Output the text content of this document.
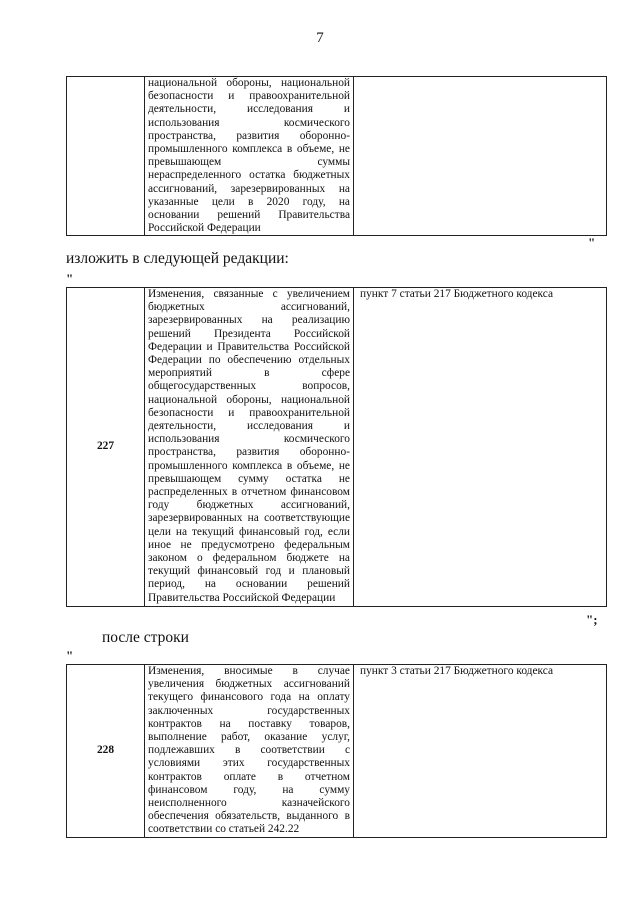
7
	национальной обороны, национальной безопасности и правоохранительной деятельности, исследования и использования космического пространства, развития оборонно-промышленного комплекса в объеме, не превышающем суммы нераспределенного остатка бюджетных ассигнований, зарезервированных на указанные цели в 2020 году, на основании решений Правительства Российской Федерации	
"
изложить в следующей редакции:
"
227	Изменения, связанные с увеличением бюджетных ассигнований, зарезервированных на реализацию решений Президента Российской Федерации и Правительства Российской Федерации по обеспечению отдельных мероприятий в сфере общегосударственных вопросов, национальной обороны, национальной безопасности и правоохранительной деятельности, исследования и использования космического пространства, развития оборонно-промышленного комплекса в объеме, не превышающем сумму остатка не распределенных в отчетном финансовом году бюджетных ассигнований, зарезервированных на соответствующие цели на текущий финансовый год, если иное не предусмотрено федеральным законом о федеральном бюджете на текущий финансовый год и плановый период, на основании решений Правительства Российской Федерации	пункт 7 статьи 217 Бюджетного кодекса
";
после строки
"
228	Изменения, вносимые в случае увеличения бюджетных ассигнований текущего финансового года на оплату заключенных государственных контрактов на поставку товаров, выполнение работ, оказание услуг, подлежавших в соответствии с условиями этих государственных контрактов оплате в отчетном финансовом году, на сумму неисполненного казначейского обеспечения обязательств, выданного в соответствии со статьей 242.22	пункт 3 статьи 217 Бюджетного кодекса
